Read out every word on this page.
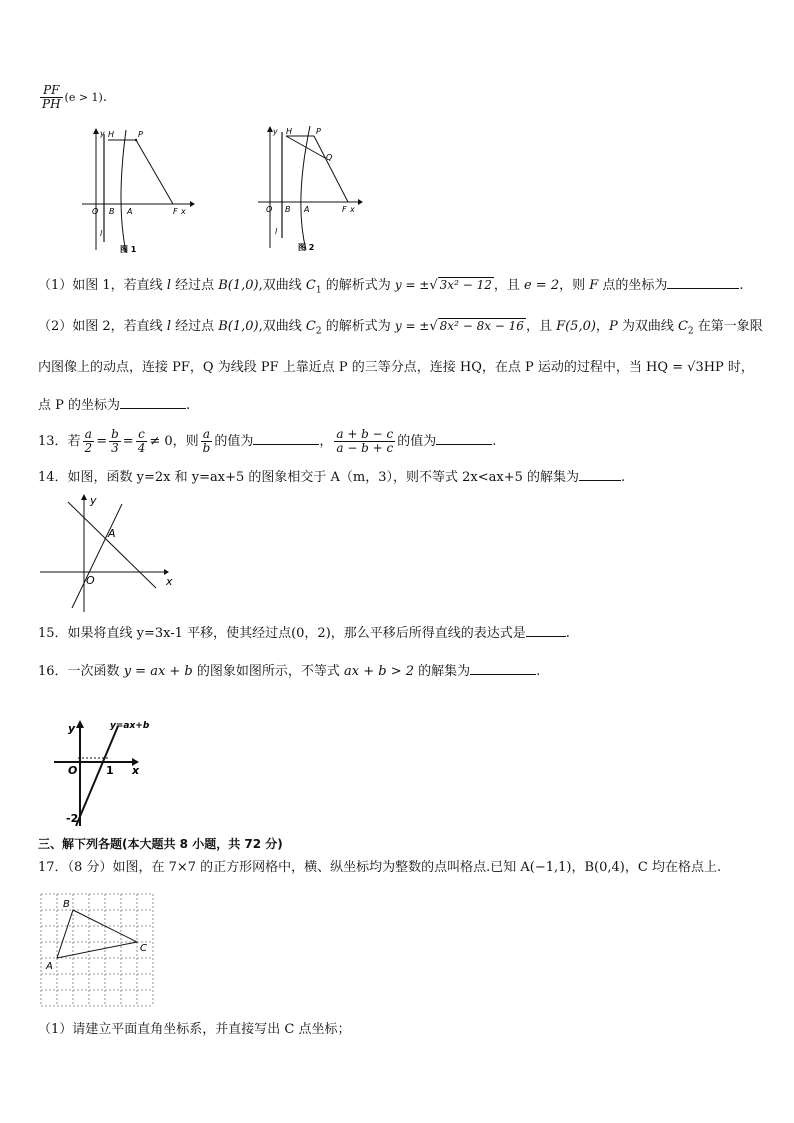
$\frac{PF}{PH} (e > 1)$.
y H	P
O B A	F x
l
图 1
y H	P
Q
O B A	F x
l
图 2
（1）如图 1，若直线 l 经过点 B(1,0),双曲线 $C_1$ 的解析式为 y = ±√ 3x² − 12 ，且 e = 2，则 F 点的坐标为	.
（2）如图 2，若直线 l 经过点 B(1,0),双曲线 $C_2$ 的解析式为 y = ±√ 8x² − 8x − 16 ，且 F(5,0)，P 为双曲线 $C_2$ 在第一象限
内图像上的动点，连接 PF，Q 为线段 PF 上靠近点 P 的三等分点，连接 HQ，在点 P 运动的过程中，当 HQ = √3HP 时，
点 P 的坐标为	.
13．若 $\frac{a}{2} = \frac{b}{3} = \frac{c}{4} \ne 0$，则 $\frac{a}{b}$ 的值为	， $\frac{a + b - c}{a - b + c}$ 的值为	.
14．如图，函数 y=2x 和 y=ax+5 的图象相交于 A（m，3），则不等式 2x<ax+5 的解集为	.
y
A
O	x
15．如果将直线 y=3x-1 平移，使其经过点(0，2)，那么平移后所得直线的表达式是	.
16．一次函数 y = ax + b 的图象如图所示，不等式 ax + b > 2 的解集为	.
y	y=ax+b
O	1 x
-2
三、解下列各题(本大题共 8 小题，共 72 分)
17．（8 分）如图，在 7×7 的正方形网格中，横、纵坐标均为整数的点叫格点.已知 A(−1,1)，B(0,4)，C 均在格点上.
B
C
A
（1）请建立平面直角坐标系，并直接写出 C 点坐标；
